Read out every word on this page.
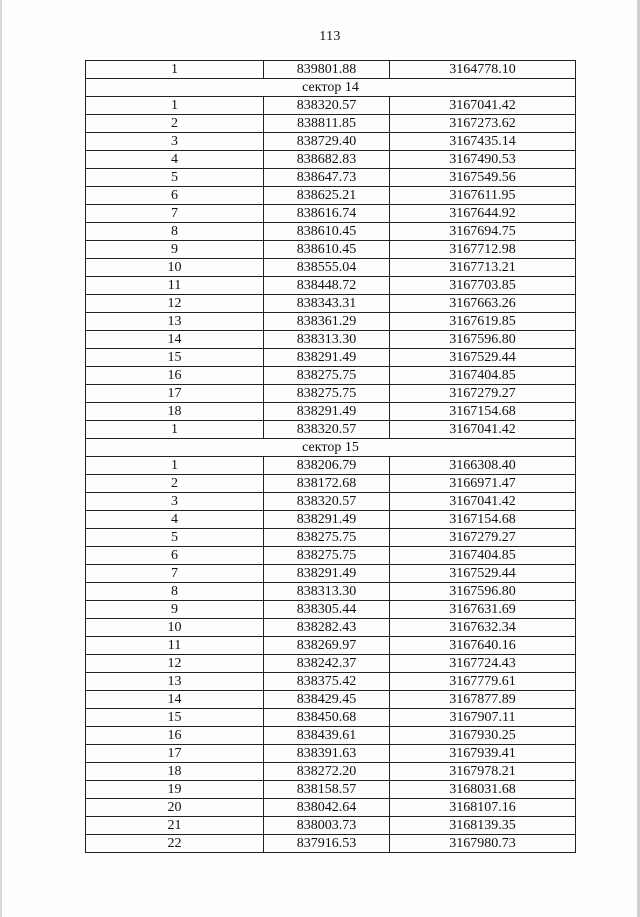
113
1	839801.88	3164778.10
сектор 14		
1	838320.57	3167041.42
2	838811.85	3167273.62
3	838729.40	3167435.14
4	838682.83	3167490.53
5	838647.73	3167549.56
6	838625.21	3167611.95
7	838616.74	3167644.92
8	838610.45	3167694.75
9	838610.45	3167712.98
10	838555.04	3167713.21
11	838448.72	3167703.85
12	838343.31	3167663.26
13	838361.29	3167619.85
14	838313.30	3167596.80
15	838291.49	3167529.44
16	838275.75	3167404.85
17	838275.75	3167279.27
18	838291.49	3167154.68
1	838320.57	3167041.42
сектор 15		
1	838206.79	3166308.40
2	838172.68	3166971.47
3	838320.57	3167041.42
4	838291.49	3167154.68
5	838275.75	3167279.27
6	838275.75	3167404.85
7	838291.49	3167529.44
8	838313.30	3167596.80
9	838305.44	3167631.69
10	838282.43	3167632.34
11	838269.97	3167640.16
12	838242.37	3167724.43
13	838375.42	3167779.61
14	838429.45	3167877.89
15	838450.68	3167907.11
16	838439.61	3167930.25
17	838391.63	3167939.41
18	838272.20	3167978.21
19	838158.57	3168031.68
20	838042.64	3168107.16
21	838003.73	3168139.35
22	837916.53	3167980.73
